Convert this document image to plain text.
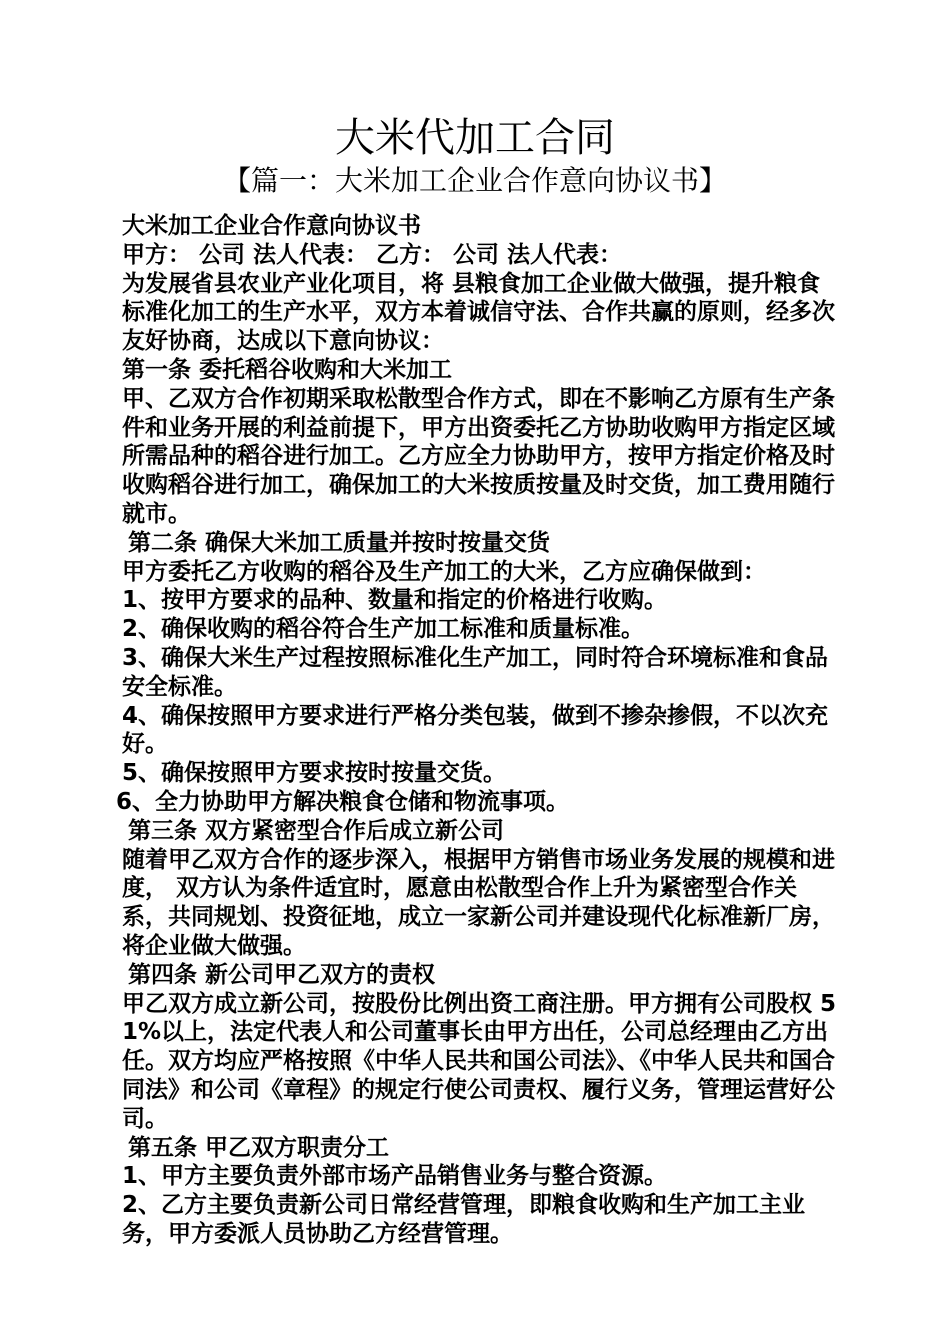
大米代加工合同
【篇一：大米加工企业合作意向协议书】

大米加工企业合作意向协议书

甲方： 公司 法人代表： 乙方： 公司 法人代表：

为发展省县农业产业化项目，将 县粮食加工企业做大做强，提升粮食标准化加工的生产水平，双方本着诚信守法、合作共赢的原则，经多次友好协商，达成以下意向协议：

第一条 委托稻谷收购和大米加工

甲、乙双方合作初期采取松散型合作方式，即在不影响乙方原有生产条件和业务开展的利益前提下，甲方出资委托乙方协助收购甲方指定区域所需品种的稻谷进行加工。乙方应全力协助甲方，按甲方指定价格及时收购稻谷进行加工，确保加工的大米按质按量及时交货，加工费用随行就市。

第二条 确保大米加工质量并按时按量交货

甲方委托乙方收购的稻谷及生产加工的大米，乙方应确保做到：

1、按甲方要求的品种、数量和指定的价格进行收购。

2、确保收购的稻谷符合生产加工标准和质量标准。

3、确保大米生产过程按照标准化生产加工，同时符合环境标准和食品安全标准。

4、确保按照甲方要求进行严格分类包装，做到不掺杂掺假，不以次充好。

5、确保按照甲方要求按时按量交货。

6、全力协助甲方解决粮食仓储和物流事项。

第三条 双方紧密型合作后成立新公司

随着甲乙双方合作的逐步深入，根据甲方销售市场业务发展的规模和进度， 双方认为条件适宜时，愿意由松散型合作上升为紧密型合作关系，共同规划、投资征地，成立一家新公司并建设现代化标准新厂房，将企业做大做强。

第四条 新公司甲乙双方的责权

甲乙双方成立新公司，按股份比例出资工商注册。甲方拥有公司股权 51%以上，法定代表人和公司董事长由甲方出任，公司总经理由乙方出任。双方均应严格按照《中华人民共和国公司法》、《中华人民共和国合同法》和公司《章程》的规定行使公司责权、履行义务，管理运营好公司。

第五条 甲乙双方职责分工

1、甲方主要负责外部市场产品销售业务与整合资源。

2、乙方主要负责新公司日常经营管理，即粮食收购和生产加工主业务，甲方委派人员协助乙方经营管理。
